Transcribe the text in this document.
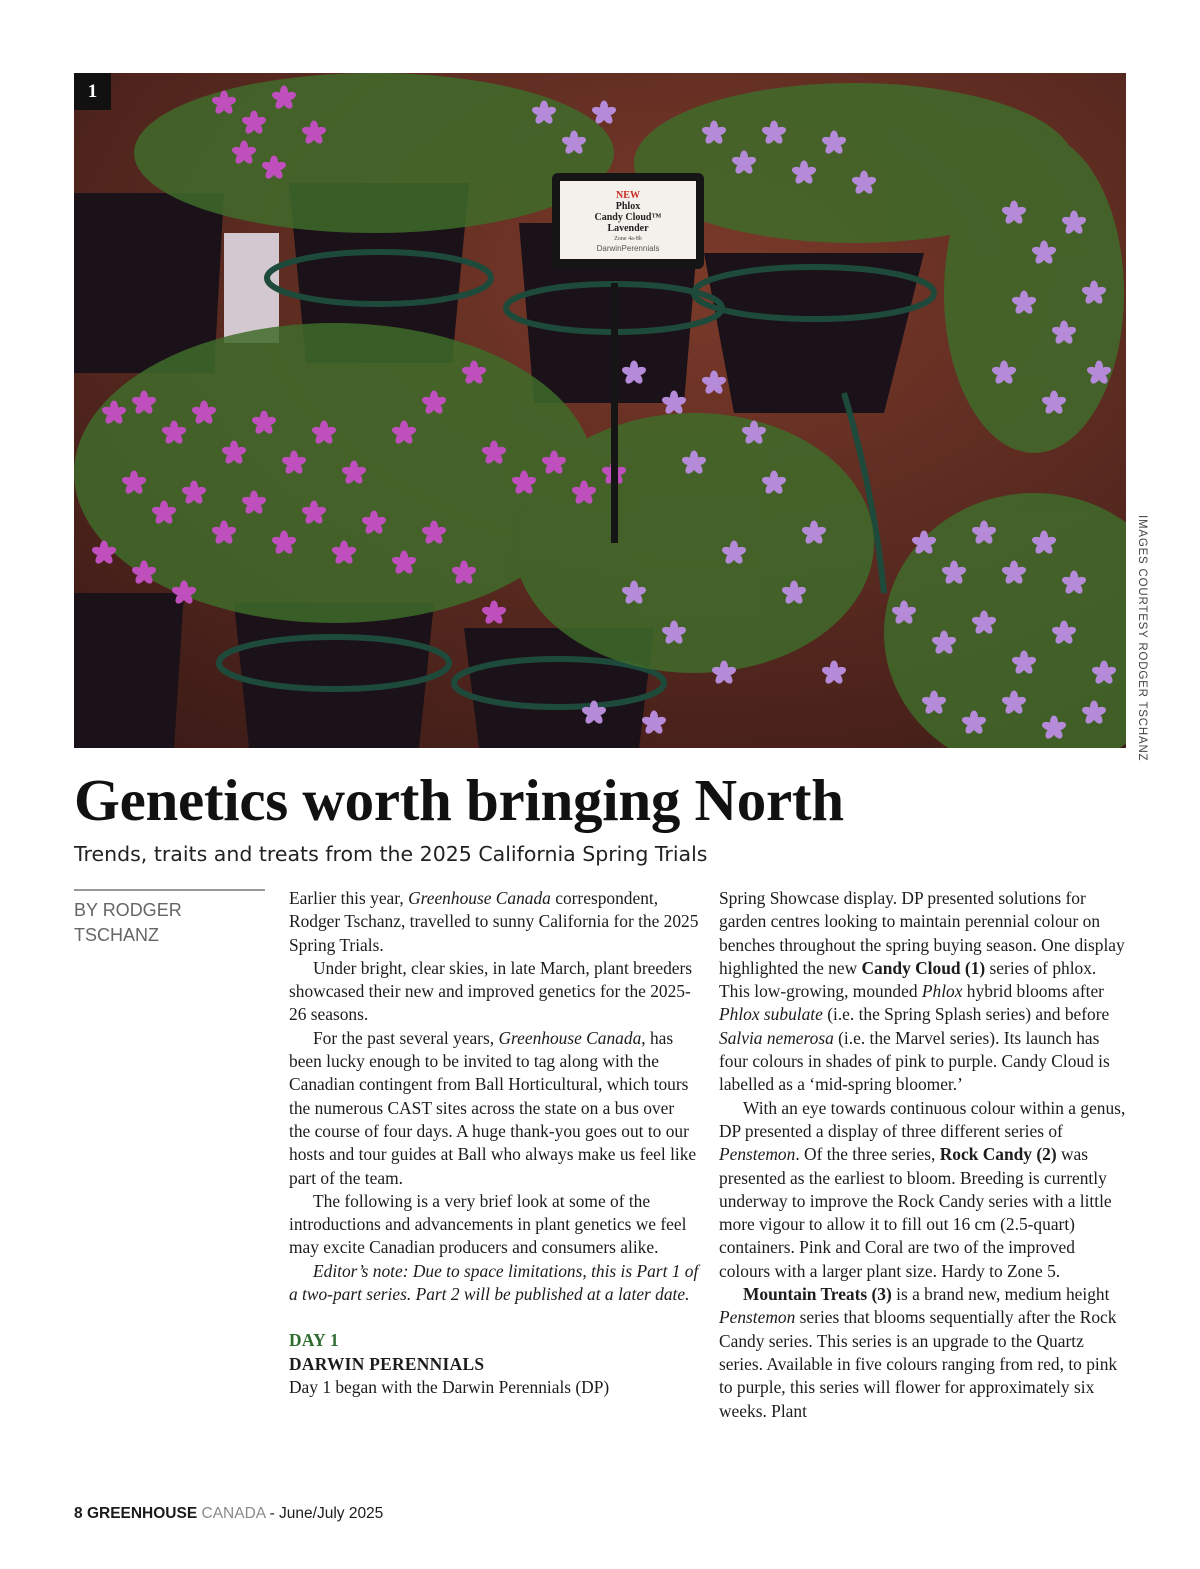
NEW
Phlox
Candy Cloud™
Lavender
Zone 4a-8b
DarwinPerennials
1
IMAGES COURTESY RODGER TSCHANZ
Genetics worth bringing North

Trends, traits and treats from the 2025 California Spring Trials

BY RODGER
TSCHANZ

Earlier this year, Greenhouse Canada correspondent, Rodger Tschanz, travelled to sunny California for the 2025 Spring Trials.

Under bright, clear skies, in late March, plant breeders showcased their new and improved genetics for the 2025-26 seasons.

For the past several years, Greenhouse Canada, has been lucky enough to be invited to tag along with the Canadian contingent from Ball Horticultural, which tours the numerous CAST sites across the state on a bus over the course of four days. A huge thank-you goes out to our hosts and tour guides at Ball who always make us feel like part of the team.

The following is a very brief look at some of the introductions and advancements in plant genetics we feel may excite Canadian producers and consumers alike.

Editor’s note: Due to space limitations, this is Part 1 of a two-part series. Part 2 will be published at a later date.

DAY 1

DARWIN PERENNIALS

Day 1 began with the Darwin Perennials (DP)

Spring Showcase display. DP presented solutions for garden centres looking to maintain perennial colour on benches throughout the spring buying season. One display highlighted the new Candy Cloud (1) series of phlox. This low-growing, mounded Phlox hybrid blooms after Phlox subulate (i.e. the Spring Splash series) and before Salvia nemerosa (i.e. the Marvel series). Its launch has four colours in shades of pink to purple. Candy Cloud is labelled as a ‘mid-spring bloomer.’

With an eye towards continuous colour within a genus, DP presented a display of three different series of Penstemon. Of the three series, Rock Candy (2) was presented as the earliest to bloom. Breeding is currently underway to improve the Rock Candy series with a little more vigour to allow it to fill out 16 cm (2.5-quart) containers. Pink and Coral are two of the improved colours with a larger plant size. Hardy to Zone 5.

Mountain Treats (3) is a brand new, medium height Penstemon series that blooms sequentially after the Rock Candy series. This series is an upgrade to the Quartz series. Available in five colours ranging from red, to pink to purple, this series will flower for approximately six weeks. Plant

8 GREENHOUSE CANADA - June/July 2025
